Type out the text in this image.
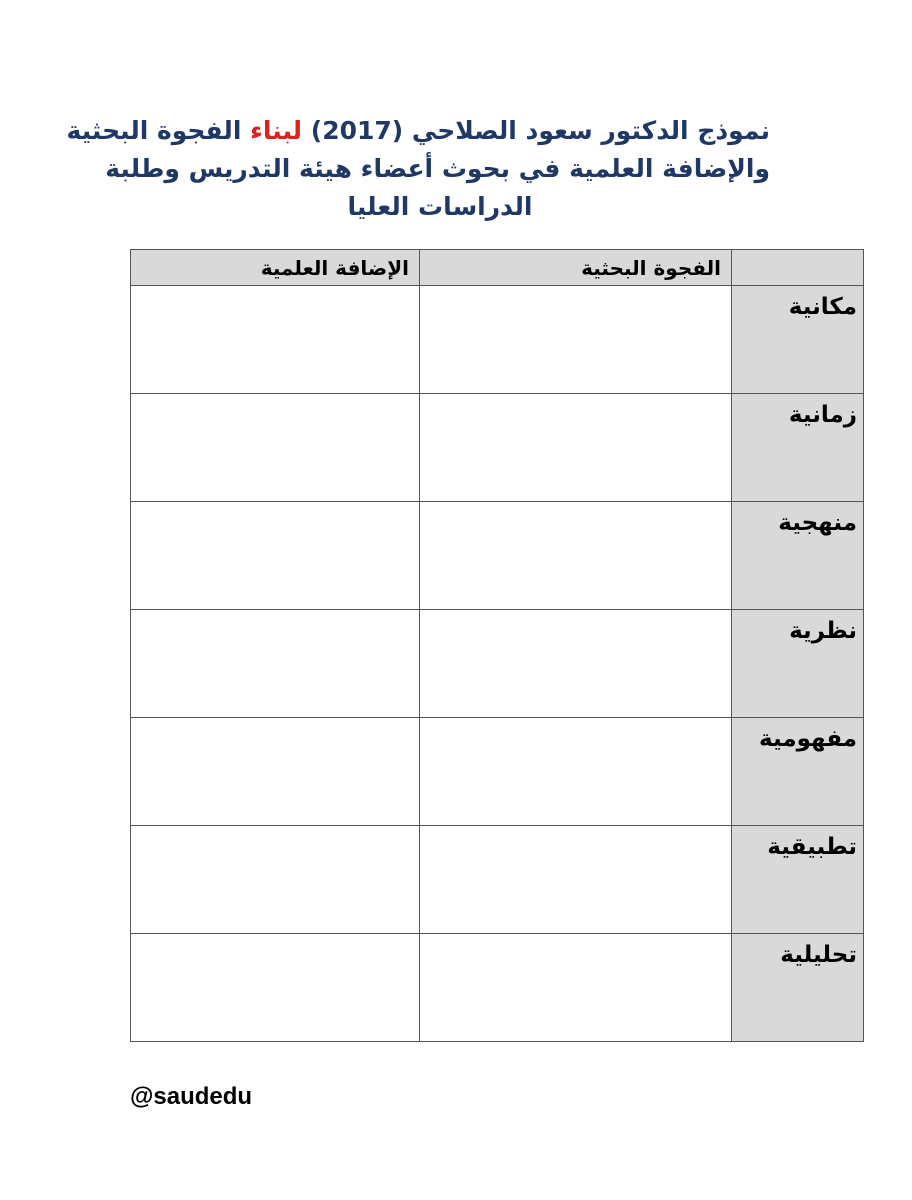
نموذج الدكتور سعود الصلاحي (2017) لبناء الفجوة البحثية
والإضافة العلمية في بحوث أعضاء هيئة التدريس وطلبة
الدراسات العليا
	الفجوة البحثية	الإضافة العلمية

مكانية		

زمانية		

منهجية		

نظرية		

مفهومية		

تطبيقية		

تحليلية		

@saudedu
